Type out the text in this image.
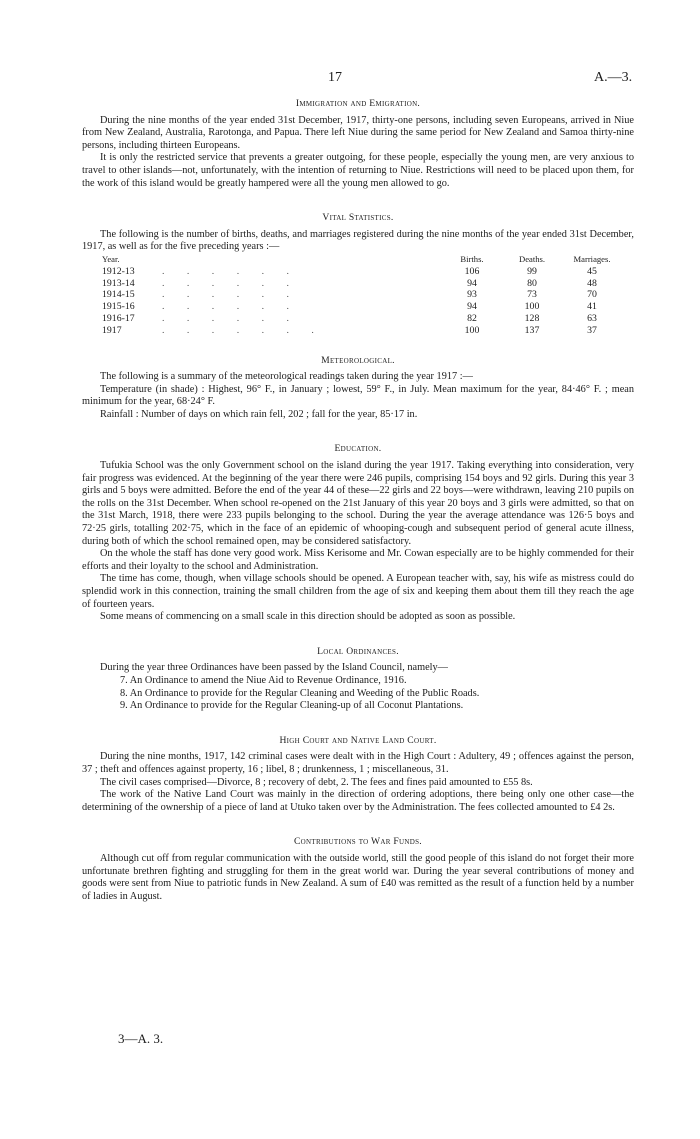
17	A.—3.
Immigration and Emigration.

During the nine months of the year ended 31st December, 1917, thirty-one persons, including seven Europeans, arrived in Niue from New Zealand, Australia, Rarotonga, and Papua. There left Niue during the same period for New Zealand and Samoa thirty-nine persons, including thirteen Europeans.

It is only the restricted service that prevents a greater outgoing, for these people, especially the young men, are very anxious to travel to other islands—not, unfortunately, with the intention of returning to Niue. Restrictions will need to be placed upon them, for the work of this island would be greatly hampered were all the young men allowed to go.

Vital Statistics.

The following is the number of births, deaths, and marriages registered during the nine months of the year ended 31st December, 1917, as well as for the five preceding years :—

Year.		Births.	Deaths.	Marriages.
1912-13	. . . . . .	106	99	45
1913-14	. . . . . .	94	80	48
1914-15	. . . . . .	93	73	70
1915-16	. . . . . .	94	100	41
1916-17	. . . . . .	82	128	63
1917	. . . . . . .	100	137	37
Meteorological.

The following is a summary of the meteorological readings taken during the year 1917 :—

Temperature (in shade) : Highest, 96° F., in January ; lowest, 59° F., in July. Mean maximum for the year, 84·46° F. ; mean minimum for the year, 68·24° F.

Rainfall : Number of days on which rain fell, 202 ; fall for the year, 85·17 in.

Education.

Tufukia School was the only Government school on the island during the year 1917. Taking everything into consideration, very fair progress was evidenced. At the beginning of the year there were 246 pupils, comprising 154 boys and 92 girls. During this year 3 girls and 5 boys were admitted. Before the end of the year 44 of these—22 girls and 22 boys—were withdrawn, leaving 210 pupils on the rolls on the 31st December. When school re-opened on the 21st January of this year 20 boys and 3 girls were admitted, so that on the 31st March, 1918, there were 233 pupils belonging to the school. During the year the average attendance was 126·5 boys and 72·25 girls, totalling 202·75, which in the face of an epidemic of whooping-cough and subsequent period of general acute illness, during both of which the school remained open, may be considered satisfactory.

On the whole the staff has done very good work. Miss Kerisome and Mr. Cowan especially are to be highly commended for their efforts and their loyalty to the school and Administration.

The time has come, though, when village schools should be opened. A European teacher with, say, his wife as mistress could do splendid work in this connection, training the small children from the age of six and keeping them about them till they reach the age of fourteen years.

Some means of commencing on a small scale in this direction should be adopted as soon as possible.

Local Ordinances.

During the year three Ordinances have been passed by the Island Council, namely—

7. An Ordinance to amend the Niue Aid to Revenue Ordinance, 1916.
8. An Ordinance to provide for the Regular Cleaning and Weeding of the Public Roads.
9. An Ordinance to provide for the Regular Cleaning-up of all Coconut Plantations.
High Court and Native Land Court.

During the nine months, 1917, 142 criminal cases were dealt with in the High Court : Adultery, 49 ; offences against the person, 37 ; theft and offences against property, 16 ; libel, 8 ; drunkenness, 1 ; miscellaneous, 31.

The civil cases comprised—Divorce, 8 ; recovery of debt, 2. The fees and fines paid amounted to £55 8s.

The work of the Native Land Court was mainly in the direction of ordering adoptions, there being only one other case—the determining of the ownership of a piece of land at Utuko taken over by the Administration. The fees collected amounted to £4 2s.

Contributions to War Funds.

Although cut off from regular communication with the outside world, still the good people of this island do not forget their more unfortunate brethren fighting and struggling for them in the great world war. During the year several contributions of money and goods were sent from Niue to patriotic funds in New Zealand. A sum of £40 was remitted as the result of a function held by a number of ladies in August.

3—A. 3.
